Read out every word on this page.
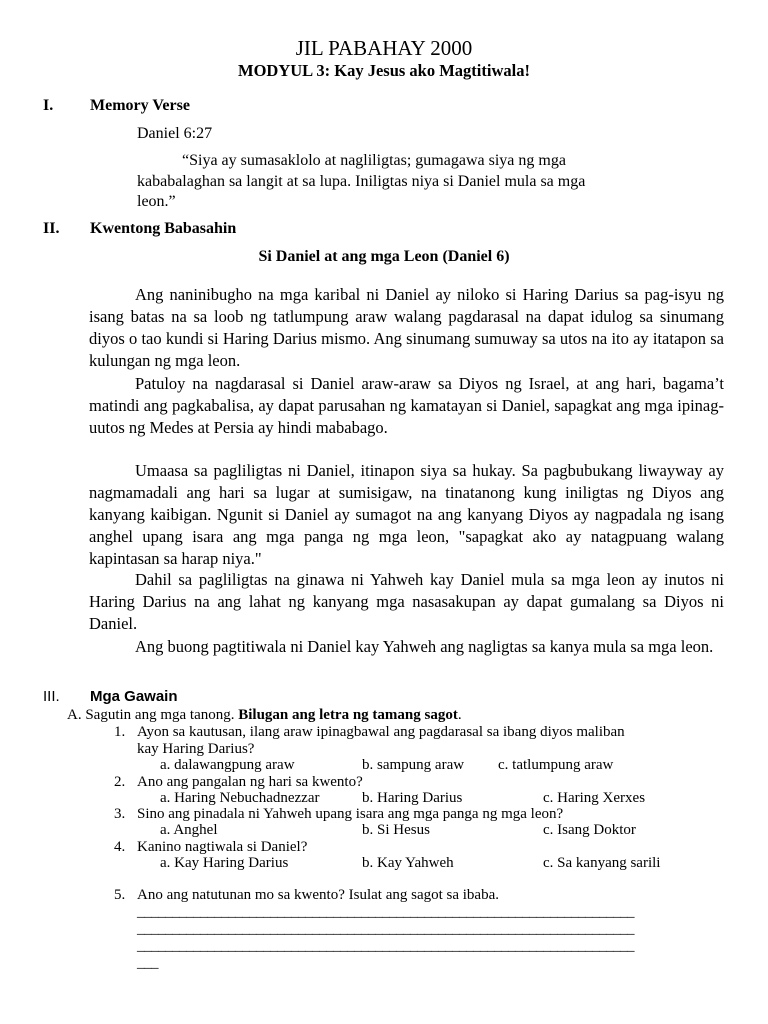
JIL PABAHAY 2000
MODYUL 3: Kay Jesus ako Magtitiwala!
I. Memory Verse
Daniel 6:27
“Siya ay sumasaklolo at nagliligtas; gumagawa siya ng mga
kababalaghan sa langit at sa lupa. Iniligtas niya si Daniel mula sa mga
leon.”
II. Kwentong Babasahin
Si Daniel at ang mga Leon (Daniel 6)
Ang naninibugho na mga karibal ni Daniel ay niloko si Haring Darius sa pag-isyu ng isang batas na sa loob ng tatlumpung araw walang pagdarasal na dapat idulog sa sinumang diyos o tao kundi si Haring Darius mismo. Ang sinumang sumuway sa utos na ito ay itatapon sa kulungan ng mga leon.
Patuloy na nagdarasal si Daniel araw-araw sa Diyos ng Israel, at ang hari, bagama’t matindi ang pagkabalisa, ay dapat parusahan ng kamatayan si Daniel, sapagkat ang mga ipinag-uutos ng Medes at Persia ay hindi mababago.
Umaasa sa pagliligtas ni Daniel, itinapon siya sa hukay. Sa pagbubukang liwayway ay nagmamadali ang hari sa lugar at sumisigaw, na tinatanong kung iniligtas ng Diyos ang kanyang kaibigan. Ngunit si Daniel ay sumagot na ang kanyang Diyos ay nagpadala ng isang anghel upang isara ang mga panga ng mga leon, "sapagkat ako ay natagpuang walang kapintasan sa harap niya."
Dahil sa pagliligtas na ginawa ni Yahweh kay Daniel mula sa mga leon ay inutos ni Haring Darius na ang lahat ng kanyang mga nasasakupan ay dapat gumalang sa Diyos ni Daniel.
Ang buong pagtitiwala ni Daniel kay Yahweh ang nagligtas sa kanya mula sa mga leon.
III. Mga Gawain
A. Sagutin ang mga tanong. Bilugan ang letra ng tamang sagot.
1. Ayon sa kautusan, ilang araw ipinagbawal ang pagdarasal sa ibang diyos maliban
kay Haring Darius?
a. dalawangpung araw	b. sampung araw c. tatlumpung araw
2. Ano ang pangalan ng hari sa kwento?
a. Haring Nebuchadnezzar	b. Haring Darius	c. Haring Xerxes
3. Sino ang pinadala ni Yahweh upang isara ang mga panga ng mga leon?
a. Anghel	b. Si Hesus	c. Isang Doktor
4. Kanino nagtiwala si Daniel?
a. Kay Haring Darius	b. Kay Yahweh	c. Sa kanyang sarili
5. Ano ang natutunan mo sa kwento? Isulat ang sagot sa ibaba.
_______________________________________________________________________
_______________________________________________________________________
_______________________________________________________________________
___
